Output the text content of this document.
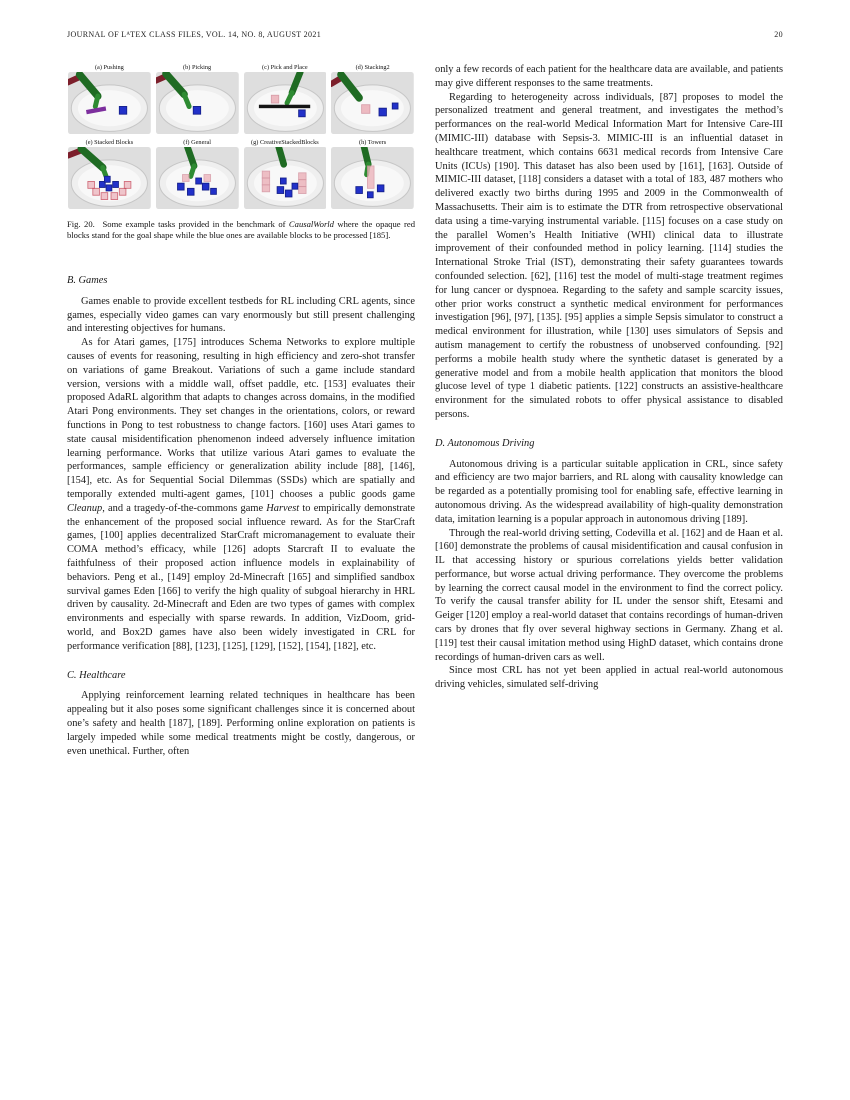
JOURNAL OF LᴬTEX CLASS FILES, VOL. 14, NO. 8, AUGUST 2021	20
(a) Pushing	(b) Picking	(c) Pick and Place	(d) Stacking2
(e) Stacked Blocks	(f) General	(g) CreativeStackedBlocks	(h) Towers
Fig. 20.  Some example tasks provided in the benchmark of CausalWorld where the opaque red blocks stand for the goal shape while the blue ones are available blocks to be processed [185].
B. Games

Games enable to provide excellent testbeds for RL including CRL agents, since games, especially video games can vary enormously but still present challenging and interesting objectives for humans.

As for Atari games, [175] introduces Schema Networks to explore multiple causes of events for reasoning, resulting in high efficiency and zero-shot transfer on variations of game Breakout. Variations of such a game include standard version, versions with a middle wall, offset paddle, etc. [153] evaluates their proposed AdaRL algorithm that adapts to changes across domains, in the modified Atari Pong environments. They set changes in the orientations, colors, or reward functions in Pong to test robustness to change factors. [160] uses Atari games to state causal misidentification phenomenon indeed adversely influence imitation learning performance. Works that utilize various Atari games to evaluate the performances, sample efficiency or generalization ability include [88], [146], [154], etc. As for Sequential Social Dilemmas (SSDs) which are spatially and temporally extended multi-agent games, [101] chooses a public goods game Cleanup, and a tragedy-of-the-commons game Harvest to empirically demonstrate the enhancement of the proposed social influence reward. As for the StarCraft games, [100] applies decentralized StarCraft micromanagement to evaluate their COMA method’s efficacy, while [126] adopts Starcraft II to evaluate the faithfulness of their proposed action influence models in explainability of behaviors. Peng et al., [149] employ 2d-Minecraft [165] and simplified sandbox survival games Eden [166] to verify the high quality of subgoal hierarchy in HRL driven by causality. 2d-Minecraft and Eden are two types of games with complex environments and especially with sparse rewards. In addition, VizDoom, grid-world, and Box2D games have also been widely investigated in CRL for performance verification [88], [123], [125], [129], [152], [154], [182], etc.

C. Healthcare

Applying reinforcement learning related techniques in healthcare has been appealing but it also poses some significant challenges since it is concerned about one’s safety and health [187], [189]. Performing online exploration on patients is largely impeded while some medical treatments might be costly, dangerous, or even unethical. Further, often

only a few records of each patient for the healthcare data are available, and patients may give different responses to the same treatments.

Regarding to heterogeneity across individuals, [87] proposes to model the personalized treatment and general treatment, and investigates the method’s performances on the real-world Medical Information Mart for Intensive Care-III (MIMIC-III) database with Sepsis-3. MIMIC-III is an influential dataset in healthcare treatment, which contains 6631 medical records from Intensive Care Units (ICUs) [190]. This dataset has also been used by [161], [163]. Outside of MIMIC-III dataset, [118] considers a dataset with a total of 183, 487 mothers who delivered exactly two births during 1995 and 2009 in the Commonwealth of Massachusetts. Their aim is to estimate the DTR from retrospective observational data using a time-varying instrumental variable. [115] focuses on a case study on the parallel Women’s Health Initiative (WHI) clinical data to illustrate improvement of their confounded method in policy learning. [114] studies the International Stroke Trial (IST), demonstrating their safety guarantees towards confounded selection. [62], [116] test the model of multi-stage treatment regimes for lung cancer or dyspnoea. Regarding to the safety and sample scarcity issues, other prior works construct a synthetic medical environment for performances investigation [96], [97], [135]. [95] applies a simple Sepsis simulator to construct a medical environment for illustration, while [130] uses simulators of Sepsis and autism management to certify the robustness of unobserved confounding. [92] performs a mobile health study where the synthetic dataset is generated by a generative model and from a mobile health application that monitors the blood glucose level of type 1 diabetic patients. [122] constructs an assistive-healthcare environment for the simulated robots to offer physical assistance to disabled persons.

D. Autonomous Driving

Autonomous driving is a particular suitable application in CRL, since safety and efficiency are two major barriers, and RL along with causality knowledge can be regarded as a potentially promising tool for enabling safe, effective learning in autonomous driving. As the widespread availability of high-quality demonstration data, imitation learning is a popular approach in autonomous driving [189].

Through the real-world driving setting, Codevilla et al. [162] and de Haan et al. [160] demonstrate the problems of causal misidentification and causal confusion in IL that accessing history or spurious correlations yields better validation performance, but worse actual driving performance. They overcome the problems by learning the correct causal model in the environment to find the correct policy. To verify the causal transfer ability for IL under the sensor shift, Etesami and Geiger [120] employ a real-world dataset that contains recordings of human-driven cars by drones that fly over several highway sections in Germany. Zhang et al. [119] test their causal imitation method using HighD dataset, which contains drone recordings of human-driven cars as well.

Since most CRL has not yet been applied in actual real-world autonomous driving vehicles, simulated self-driving
